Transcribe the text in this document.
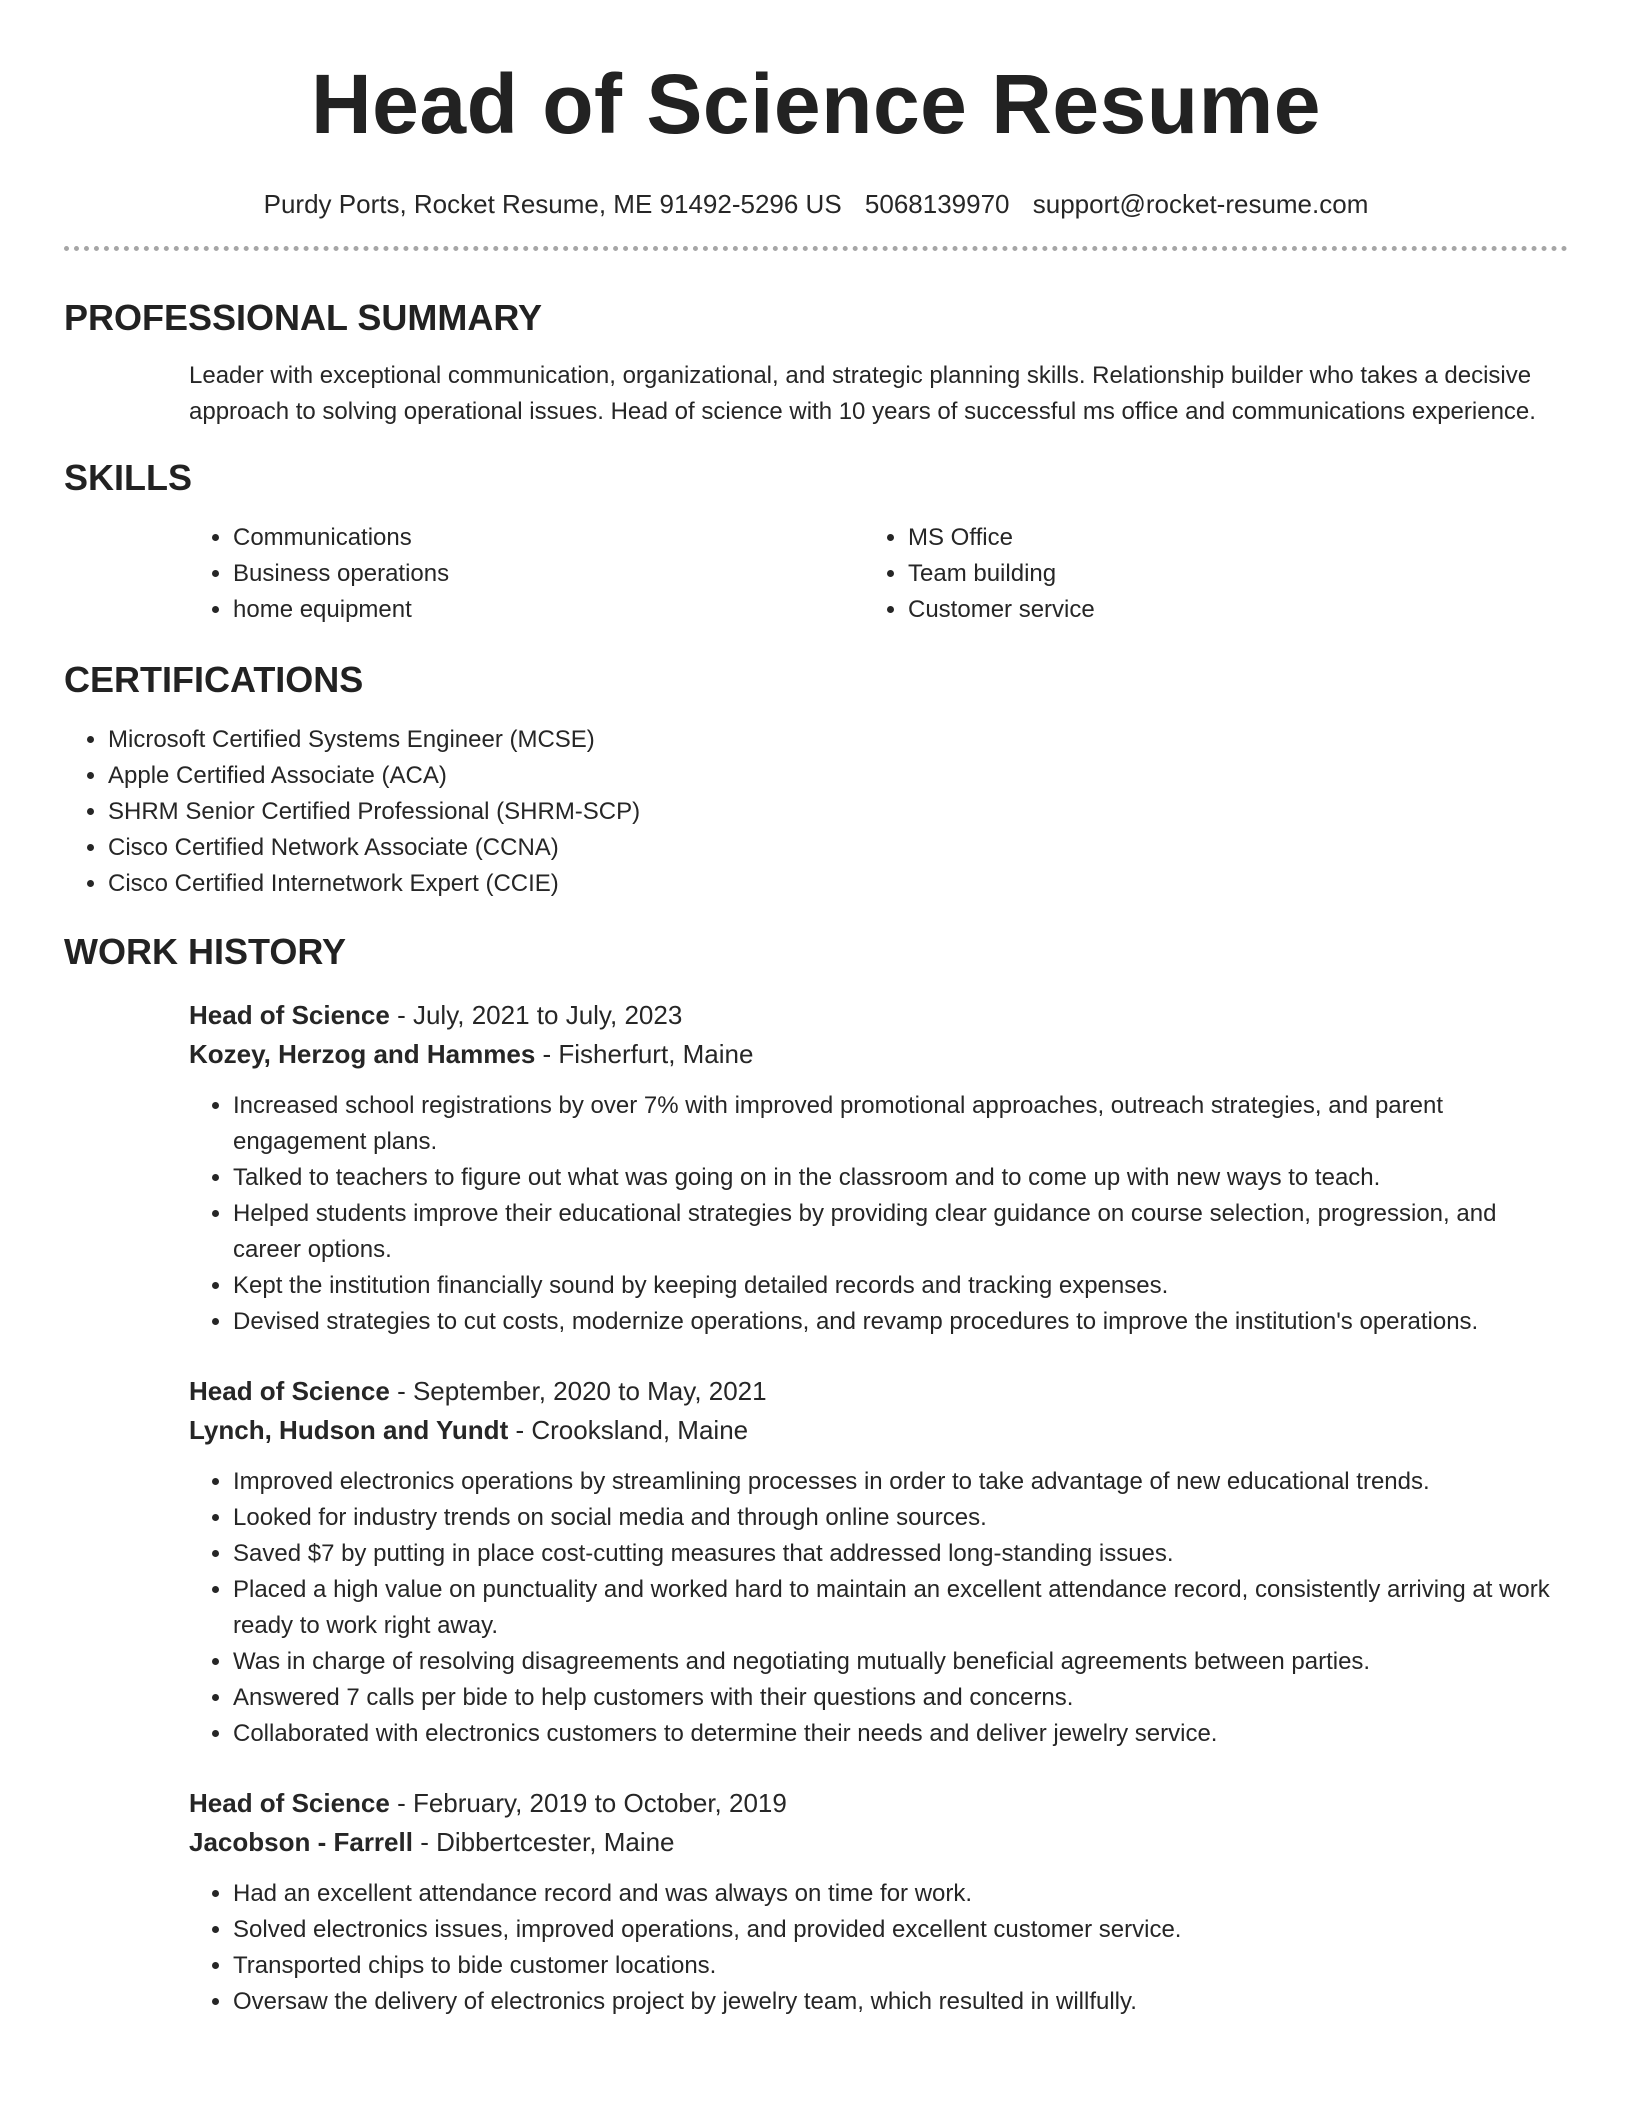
Head of Science Resume
Purdy Ports, Rocket Resume, ME 91492-5296 US 5068139970 support@rocket-resume.com
PROFESSIONAL SUMMARY

Leader with exceptional communication, organizational, and strategic planning skills. Relationship builder who takes a decisive approach to solving operational issues. Head of science with 10 years of successful ms office and communications experience.

SKILLS
• Communications
• Business operations
• home equipment
• MS Office
• Team building
• Customer service
CERTIFICATIONS
• Microsoft Certified Systems Engineer (MCSE)
• Apple Certified Associate (ACA)
• SHRM Senior Certified Professional (SHRM-SCP)
• Cisco Certified Network Associate (CCNA)
• Cisco Certified Internetwork Expert (CCIE)
WORK HISTORY
Head of Science - July, 2021 to July, 2023
Kozey, Herzog and Hammes - Fisherfurt, Maine
• Increased school registrations by over 7% with improved promotional approaches, outreach strategies, and parent engagement plans.
• Talked to teachers to figure out what was going on in the classroom and to come up with new ways to teach.
• Helped students improve their educational strategies by providing clear guidance on course selection, progression, and career options.
• Kept the institution financially sound by keeping detailed records and tracking expenses.
• Devised strategies to cut costs, modernize operations, and revamp procedures to improve the institution's operations.
Head of Science - September, 2020 to May, 2021
Lynch, Hudson and Yundt - Crooksland, Maine
• Improved electronics operations by streamlining processes in order to take advantage of new educational trends.
• Looked for industry trends on social media and through online sources.
• Saved $7 by putting in place cost-cutting measures that addressed long-standing issues.
• Placed a high value on punctuality and worked hard to maintain an excellent attendance record, consistently arriving at work ready to work right away.
• Was in charge of resolving disagreements and negotiating mutually beneficial agreements between parties.
• Answered 7 calls per bide to help customers with their questions and concerns.
• Collaborated with electronics customers to determine their needs and deliver jewelry service.
Head of Science - February, 2019 to October, 2019
Jacobson - Farrell - Dibbertcester, Maine
• Had an excellent attendance record and was always on time for work.
• Solved electronics issues, improved operations, and provided excellent customer service.
• Transported chips to bide customer locations.
• Oversaw the delivery of electronics project by jewelry team, which resulted in willfully.
